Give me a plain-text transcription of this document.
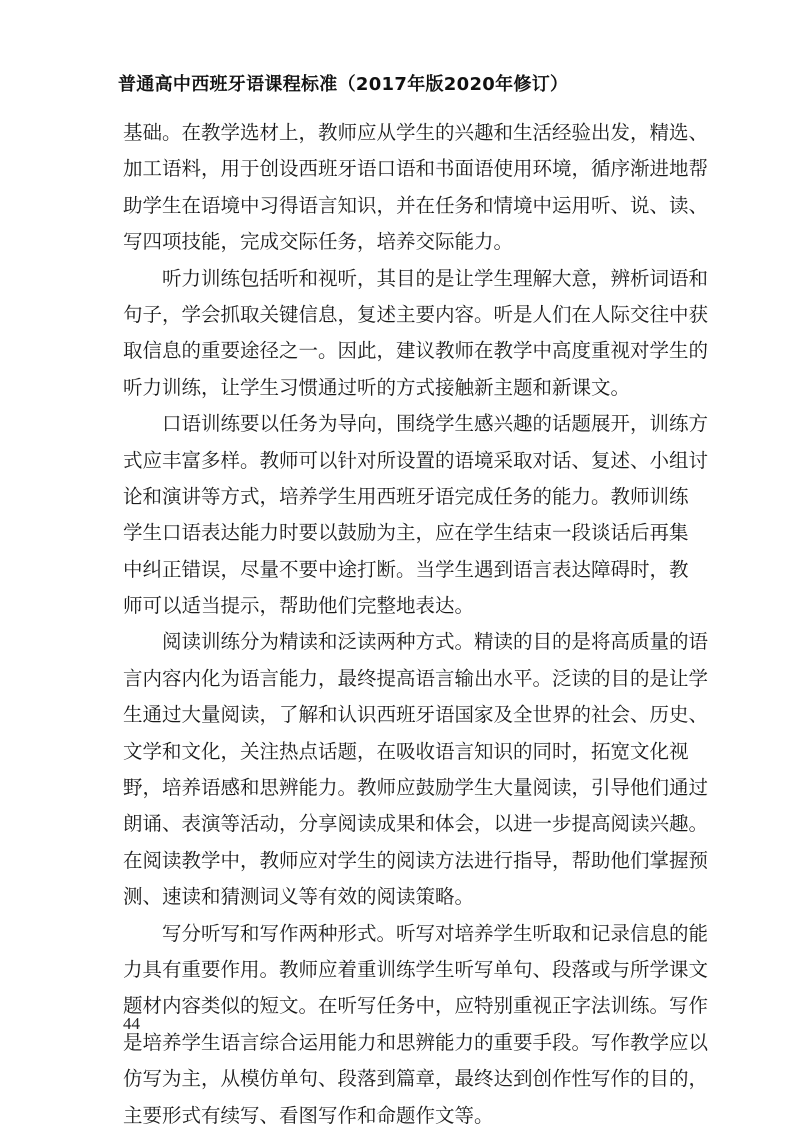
普通高中西班牙语课程标准（2017年版2020年修订）
基础。在教学选材上，教师应从学生的兴趣和生活经验出发，精选、
加工语料，用于创设西班牙语口语和书面语使用环境，循序渐进地帮
助学生在语境中习得语言知识，并在任务和情境中运用听、说、读、
写四项技能，完成交际任务，培养交际能力。
听力训练包括听和视听，其目的是让学生理解大意，辨析词语和
句子，学会抓取关键信息，复述主要内容。听是人们在人际交往中获
取信息的重要途径之一。因此，建议教师在教学中高度重视对学生的
听力训练，让学生习惯通过听的方式接触新主题和新课文。
口语训练要以任务为导向，围绕学生感兴趣的话题展开，训练方
式应丰富多样。教师可以针对所设置的语境采取对话、复述、小组讨
论和演讲等方式，培养学生用西班牙语完成任务的能力。教师训练
学生口语表达能力时要以鼓励为主，应在学生结束一段谈话后再集
中纠正错误，尽量不要中途打断。当学生遇到语言表达障碍时，教
师可以适当提示，帮助他们完整地表达。
阅读训练分为精读和泛读两种方式。精读的目的是将高质量的语
言内容内化为语言能力，最终提高语言输出水平。泛读的目的是让学
生通过大量阅读，了解和认识西班牙语国家及全世界的社会、历史、
文学和文化，关注热点话题，在吸收语言知识的同时，拓宽文化视
野，培养语感和思辨能力。教师应鼓励学生大量阅读，引导他们通过
朗诵、表演等活动，分享阅读成果和体会，以进一步提高阅读兴趣。
在阅读教学中，教师应对学生的阅读方法进行指导，帮助他们掌握预
测、速读和猜测词义等有效的阅读策略。
写分听写和写作两种形式。听写对培养学生听取和记录信息的能
力具有重要作用。教师应着重训练学生听写单句、段落或与所学课文
题材内容类似的短文。在听写任务中，应特别重视正字法训练。写作
是培养学生语言综合运用能力和思辨能力的重要手段。写作教学应以
仿写为主，从模仿单句、段落到篇章，最终达到创作性写作的目的，
主要形式有续写、看图写作和命题作文等。
44
